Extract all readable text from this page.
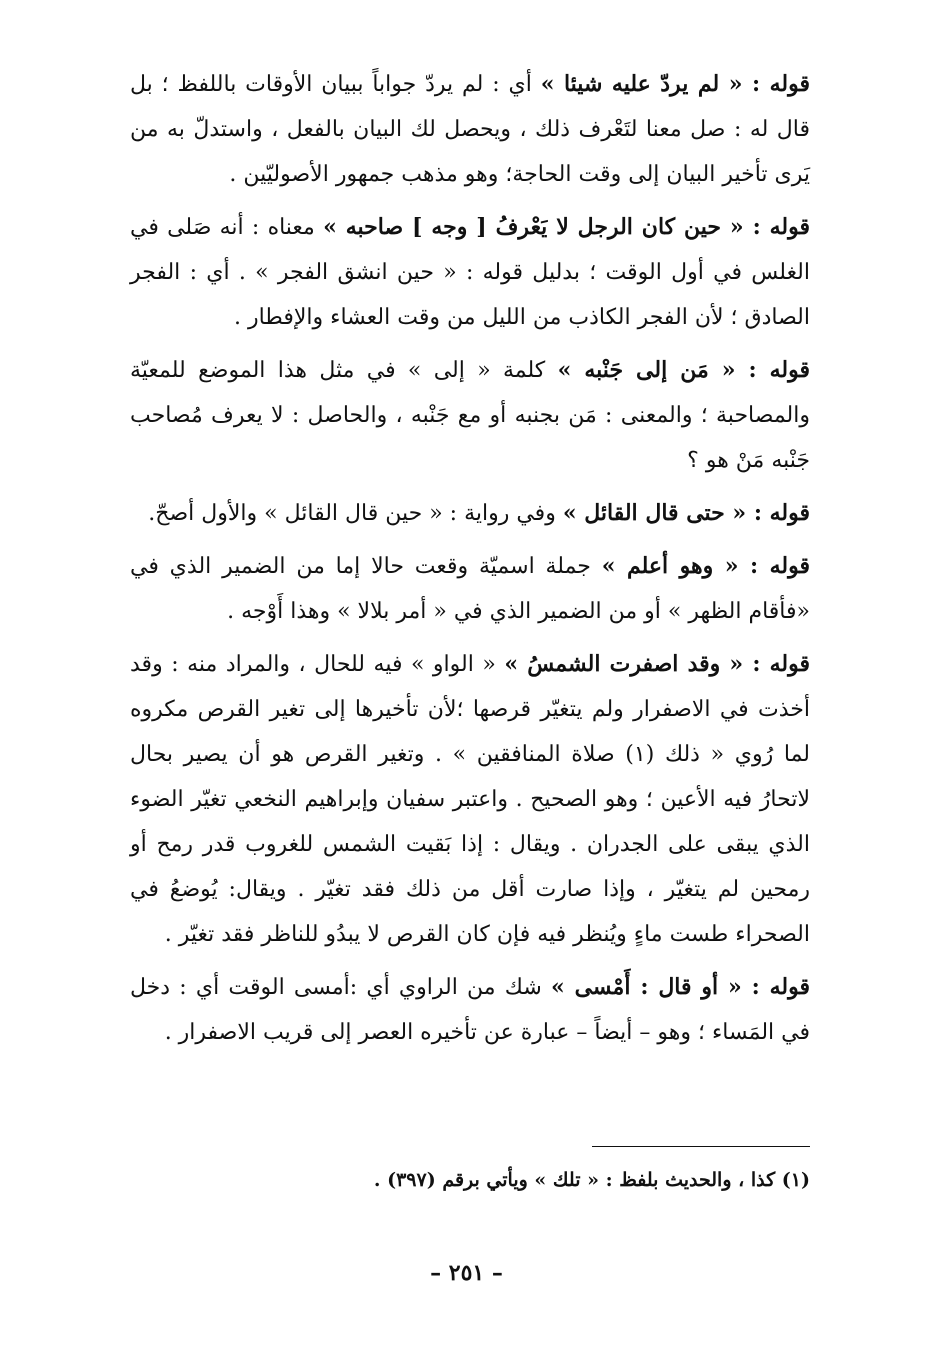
قوله : « لم يردّ عليه شيئا » أي : لم يردّ جواباً ببيان الأوقات باللفظ ؛ بل قال له : صل معنا لتَعْرف ذلك ، ويحصل لك البيان بالفعل ، واستدلّ به من يَرى تأخير البيان إلى وقت الحاجة؛ وهو مذهب جمهور الأصوليّين .

قوله : « حين كان الرجل لا يَعْرفُ [ وجه ] صاحبه » معناه : أنه صَلى في الغلس في أول الوقت ؛ بدليل قوله : « حين انشق الفجر » . أي : الفجر الصادق ؛ لأن الفجر الكاذب من الليل من وقت العشاء والإفطار .

قوله : « مَن إلى جَنْبه » كلمة « إلى » في مثل هذا الموضع للمعيّة والمصاحبة ؛ والمعنى : مَن بجنبه أو مع جَنْبه ، والحاصل : لا يعرف مُصاحب جَنْبه مَنْ هو ؟

قوله : « حتى قال القائل » وفي رواية : « حين قال القائل » والأول أصحّ.

قوله : « وهو أعلم » جملة اسميّة وقعت حالا إما من الضمير الذي في «فأقام الظهر » أو من الضمير الذي في « أمر بلالا » وهذا أَوْجه .

قوله : « وقد اصفرت الشمسُ » « الواو » فيه للحال ، والمراد منه : وقد أخذت في الاصفرار ولم يتغيّر قرصها ؛لأن تأخيرها إلى تغير القرص مكروه لما رُوي « ذلك (١) صلاة المنافقين » . وتغير القرص هو أن يصير بحال لاتحارُ فيه الأعين ؛ وهو الصحيح . واعتبر سفيان وإبراهيم النخعي تغيّر الضوء الذي يبقى على الجدران . ويقال : إذا بَقيت الشمس للغروب قدر رمح أو رمحين لم يتغيّر ، وإذا صارت أقل من ذلك فقد تغيّر . ويقال: يُوضعُ في الصحراء طست ماءٍ ويُنظر فيه فإن كان القرص لا يبدُو للناظر فقد تغيّر .

قوله : « أو قال : أَمْسى » شك من الراوي أي :أمسى الوقت أي : دخل في المَساء ؛ وهو – أيضاً – عبارة عن تأخيره العصر إلى قريب الاصفرار .

(١) كذا ، والحديث بلفظ : « تلك » ويأتي برقم (٣٩٧) .

– ٢٥١ –
